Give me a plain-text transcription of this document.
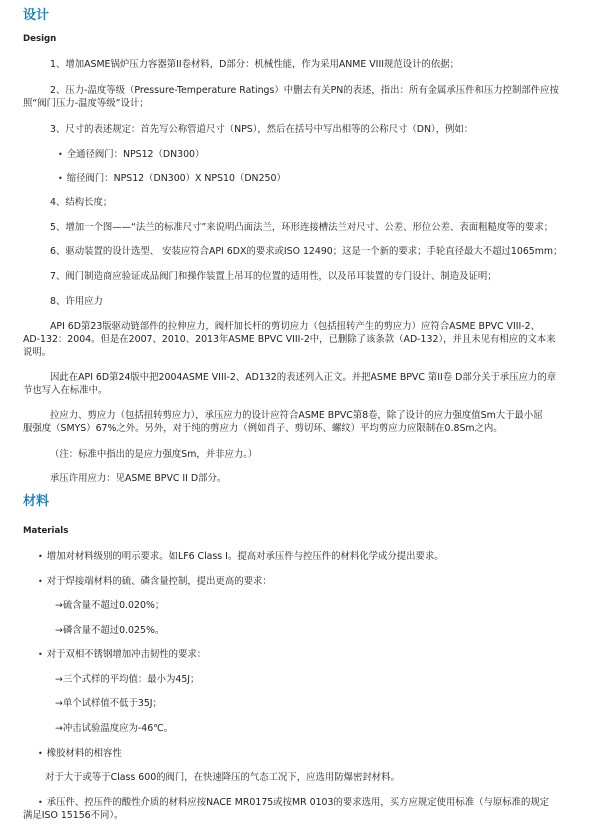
设计
Design
1、增加ASME锅炉压力容器第II卷材料，D部分：机械性能，作为采用ANME VIII规范设计的依据；
2、压力-温度等级（Pressure-Temperature Ratings）中删去有关PN的表述，指出：所有金属承压件和压力控制部件应按
照“阀门压力-温度等级”设计；
3、尺寸的表述规定：首先写公称管道尺寸（NPS），然后在括号中写出相等的公称尺寸（DN），例如：
• 全通径阀门：NPS12（DN300）
• 缩径阀门：NPS12（DN300）X NPS10（DN250）
4、结构长度；
5、增加一个图——“法兰的标准尺寸”来说明凸面法兰，环形连接槽法兰对尺寸、公差、形位公差、表面粗糙度等的要求；
6、驱动装置的设计选型、 安装应符合API 6DX的要求或ISO 12490；这是一个新的要求；手轮直径最大不超过1065mm；
7、阀门制造商应验证成品阀门和操作装置上吊耳的位置的适用性，以及吊耳装置的专门设计、制造及证明；
8、许用应力
API 6D第23版驱动链部件的拉伸应力，阀杆加长杆的剪切应力（包括扭转产生的剪应力）应符合ASME BPVC VIII-2、
AD-132：2004。但是在2007、2010、2013年ASME BPVC VIII-2中，已删除了该条款（AD-132），并且未见有相应的文本来
说明。
因此在API 6D第24版中把2004ASME VIII-2、AD132的表述列入正文。并把ASME BPVC 第II卷 D部分关于承压应力的章
节也写入在标准中。
拉应力、剪应力（包括扭转剪应力），承压应力的设计应符合ASME BPVC第8卷，除了设计的应力强度值Sm大于最小屈
服强度（SMYS）67%之外。另外，对于纯的剪应力（例如肖子、剪切环、螺纹）平均剪应力应限制在0.8Sm之内。
（注：标准中指出的是应力强度Sm，并非应力。）
承压许用应力：见ASME BPVC II D部分。
材料
Materials
• 增加对材料级别的明示要求。如LF6 Class I。提高对承压件与控压件的材料化学成分提出要求。
• 对于焊接端材料的硫、磷含量控制，提出更高的要求：
→硫含量不超过0.020%；
→磷含量不超过0.025%。
• 对于双相不锈钢增加冲击韧性的要求：
→三个式样的平均值：最小为45J；
→单个试样值不低于35J；
→冲击试验温度应为-46℃。
• 橡胶材料的相容性
对于大于或等于Class 600的阀门，在快速降压的气态工况下，应选用防爆密封材料。
• 承压件、控压件的酸性介质的材料应按NACE MR0175或按MR 0103的要求选用，买方应规定使用标准（与原标准的规定
满足ISO 15156不同）。
